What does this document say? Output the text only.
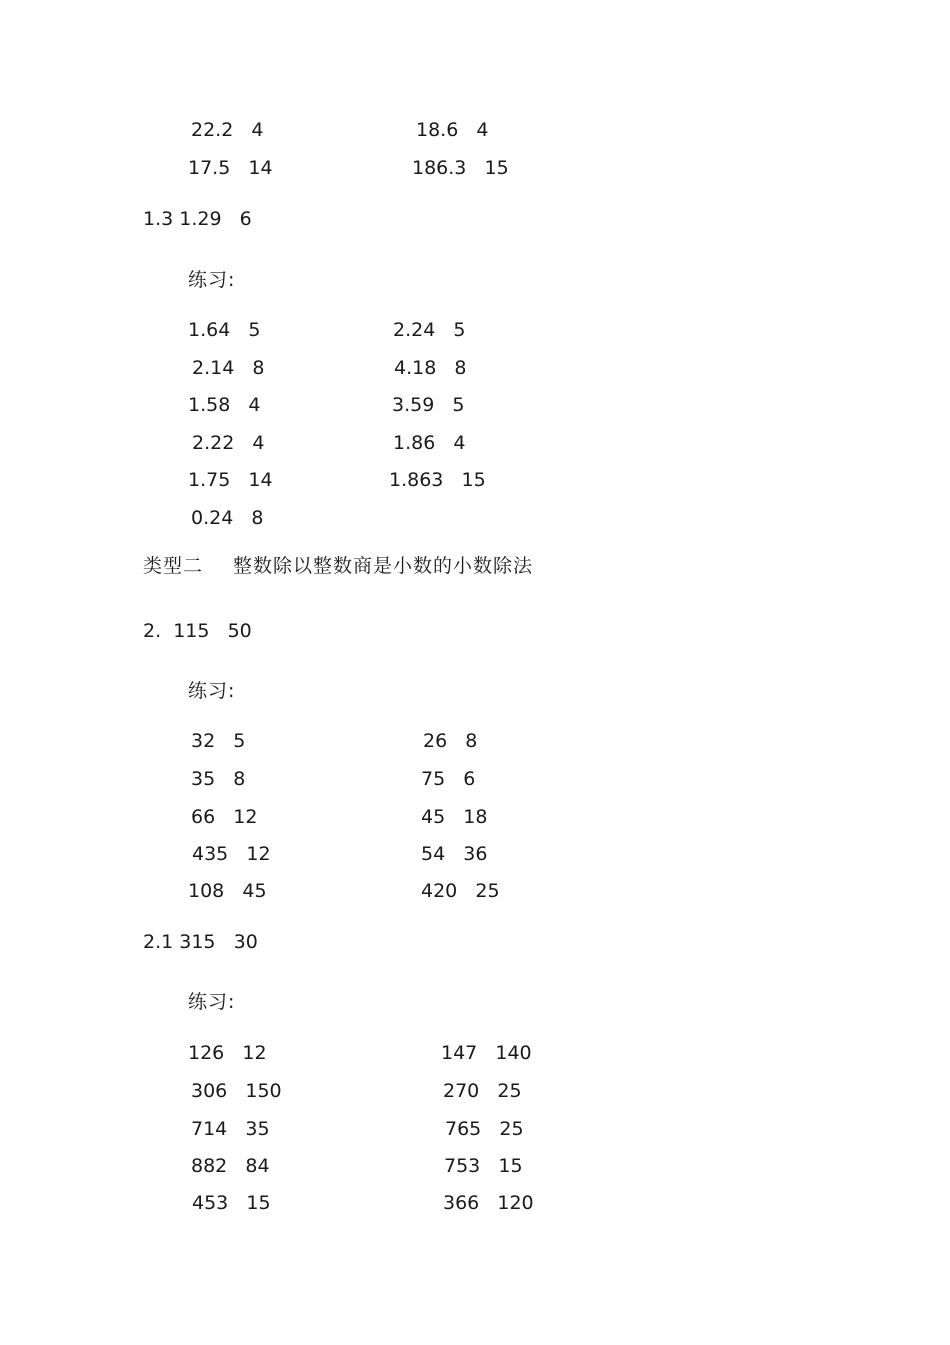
22.2   4	18.6   4
17.5   14	186.3   15
1.3 1.29   6
练习:
1.64   5	2.24   5
2.14   8	4.18   8
1.58   4	3.59   5
2.22   4	1.86   4
1.75   14	1.863   15
0.24   8
类型二 整数除以整数商是小数的小数除法
2.  115   50
练习:
32   5	26   8
35   8	75   6
66   12	45   18
435   12	54   36
108   45	420   25
2.1 315   30
练习:
126   12	147   140
306   150	270   25
714   35	765   25
882   84	753   15
453   15	366   120
